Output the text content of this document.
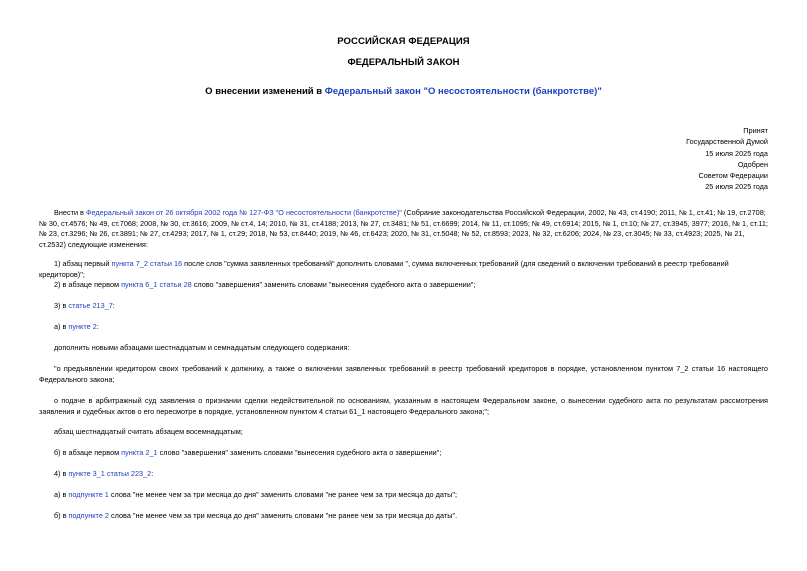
РОССИЙСКАЯ ФЕДЕРАЦИЯ
ФЕДЕРАЛЬНЫЙ ЗАКОН
О внесении изменений в Федеральный закон "О несостоятельности (банкротстве)"
Принят
Государственной Думой
15 июля 2025 года
Одобрен
Советом Федерации
25 июля 2025 года
Внести в Федеральный закон от 26 октября 2002 года № 127-ФЗ "О несостоятельности (банкротстве)" (Собрание законодательства Российской Федерации, 2002, № 43, ст.4190; 2011, № 1, ст.41; № 19, ст.2708; № 30, ст.4576; № 49, ст.7068; 2008, № 30, ст.3616; 2009, № ст.4, 14; 2010, № 31, ст.4188; 2013, № 27, ст.3481; № 51, ст.6699; 2014, № 11, ст.1095; № 49, ст.6914; 2015, № 1, ст.10; № 27, ст.3945, 3977; 2016, № 1, ст.11; № 23, ст.3296; № 26, ст.3891; № 27, ст.4293; 2017, № 1, ст.29; 2018, № 53, ст.8440; 2019, № 46, ст.6423; 2020, № 31, ст.5048; № 52, ст.8593; 2023, № 32, ст.6206; 2024, № 23, ст.3045; № 33, ст.4923; 2025, № 21, ст.2532) следующие изменения:
1) абзац первый пункта 7_2 статьи 16 после слов "сумма заявленных требований" дополнить словами ", сумма включенных требований (для сведений о включении требований в реестр требований кредиторов)";
2) в абзаце первом пункта 6_1 статьи 28 слово "завершения" заменить словами "вынесения судебного акта о завершении";
3) в статье 213_7:
а) в пункте 2:
дополнить новыми абзацами шестнадцатым и семнадцатым следующего содержания:
"о предъявлении кредитором своих требований к должнику, а также о включении заявленных требований в реестр требований кредиторов в порядке, установленном пунктом 7_2 статьи 16 настоящего Федерального закона;
о подаче в арбитражный суд заявления о признании сделки недействительной по основаниям, указанным в настоящем Федеральном законе, о вынесении судебного акта по результатам рассмотрения заявления и судебных актов о его пересмотре в порядке, установленном пунктом 4 статьи 61_1 настоящего Федерального закона;";
абзац шестнадцатый считать абзацем восемнадцатым;
б) в абзаце первом пункта 2_1 слово "завершения" заменить словами "вынесения судебного акта о завершении";
4) в пункте 3_1 статьи 223_2:
а) в подпункте 1 слова "не менее чем за три месяца до дня" заменить словами "не ранее чем за три месяца до даты";
б) в подпункте 2 слова "не менее чем за три месяца до дня" заменить словами "не ранее чем за три месяца до даты".
